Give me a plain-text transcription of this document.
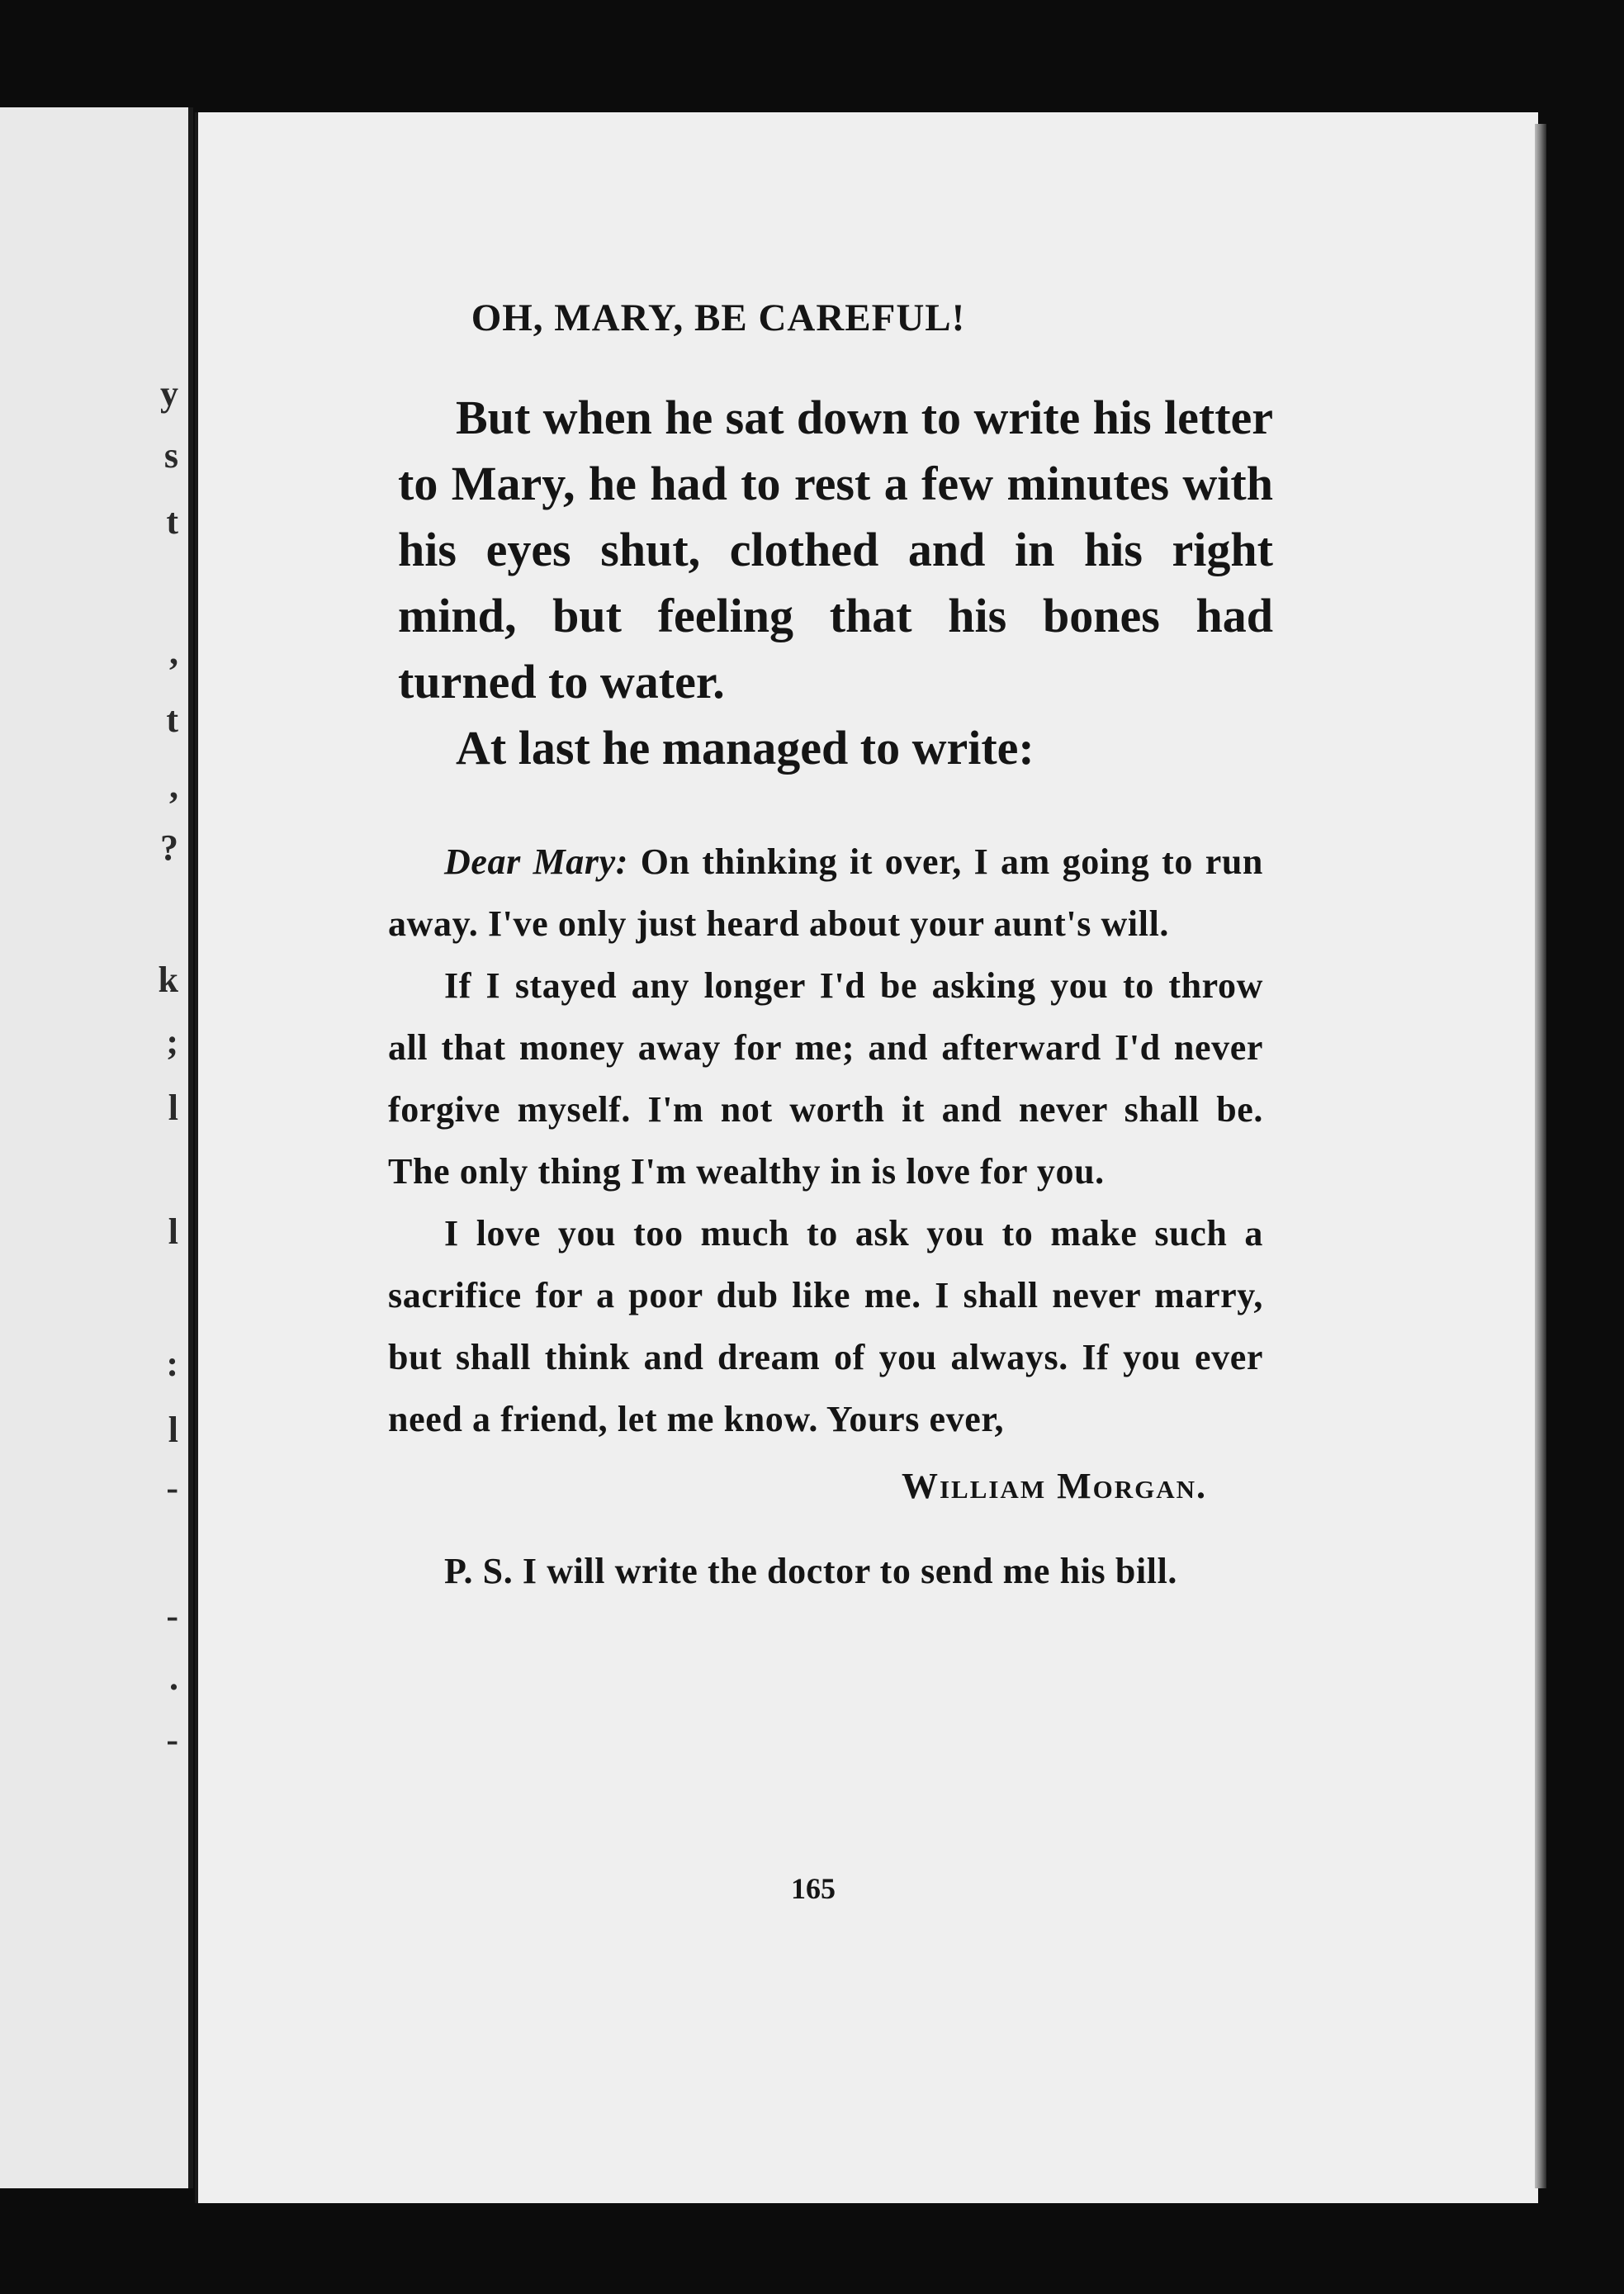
y
s
t
,
t
,
?
k
;
l
l
:
l
-
-
.
-
OH, MARY, BE CAREFUL!

But when he sat down to write his letter to Mary, he had to rest a few minutes with his eyes shut, clothed and in his right mind, but feeling that his bones had turned to water.

At last he managed to write:

Dear Mary: On thinking it over, I am going to run away. I've only just heard about your aunt's will.

If I stayed any longer I'd be asking you to throw all that money away for me; and afterward I'd never forgive myself. I'm not worth it and never shall be. The only thing I'm wealthy in is love for you.

I love you too much to ask you to make such a sacrifice for a poor dub like me. I shall never marry, but shall think and dream of you always. If you ever need a friend, let me know. Yours ever,

William Morgan.

P. S. I will write the doctor to send me his bill.

165
